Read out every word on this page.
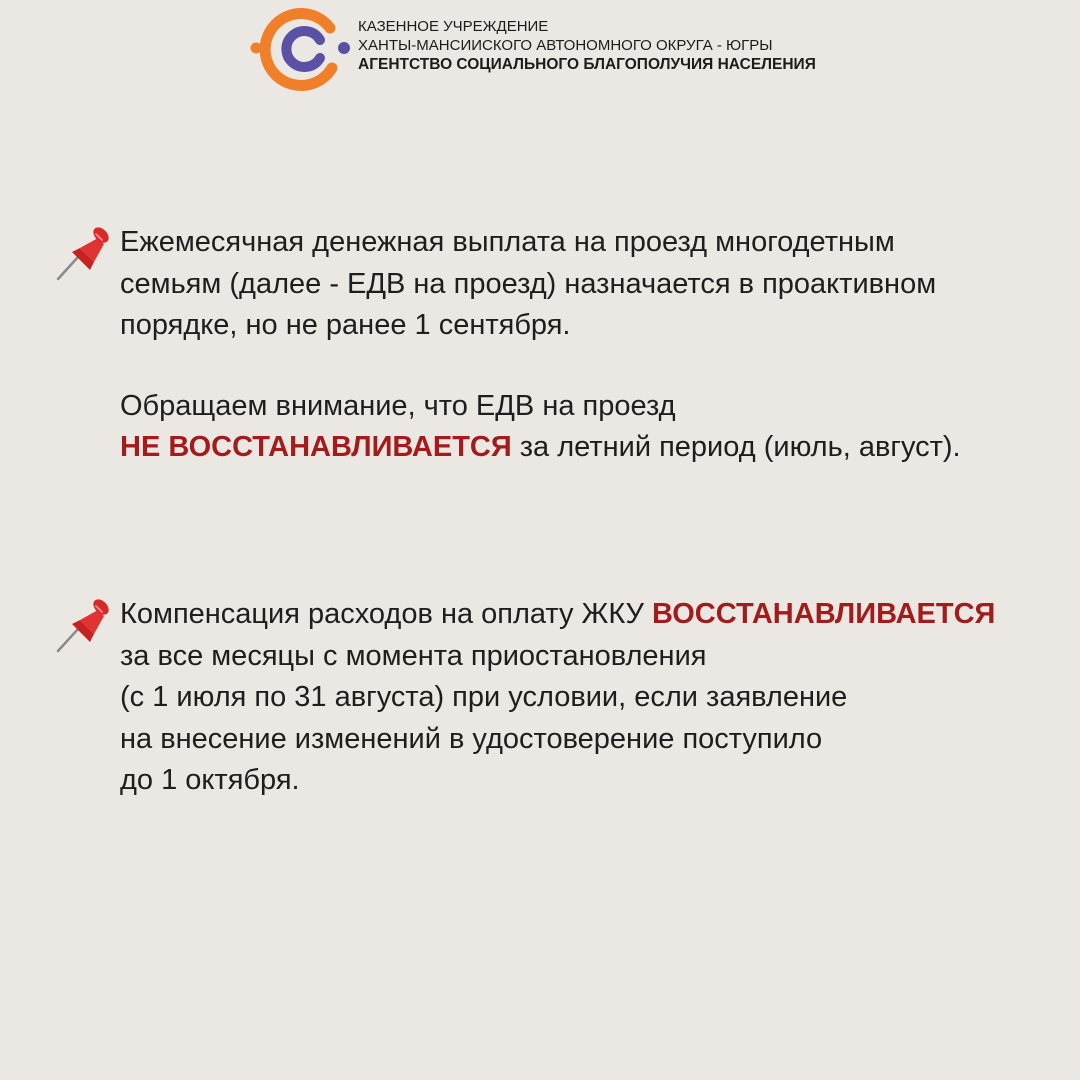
КАЗЕННОЕ УЧРЕЖДЕНИЕ
ХАНТЫ-МАНСИИСКОГО АВТОНОМНОГО ОКРУГА - ЮГРЫ
АГЕНТСТВО СОЦИАЛЬНОГО БЛАГОПОЛУЧИЯ НАСЕЛЕНИЯ
Ежемесячная денежная выплата на проезд многодетным
семьям (далее - ЕДВ на проезд) назначается в проактивном
порядке, но не ранее 1 сентября.
Обращаем внимание, что ЕДВ на проезд
НЕ ВОССТАНАВЛИВАЕТСЯ за летний период (июль, август).
Компенсация расходов на оплату ЖКУ ВОССТАНАВЛИВАЕТСЯ
за все месяцы с момента приостановления
(с 1 июля по 31 августа) при условии, если заявление
на внесение изменений в удостоверение поступило
до 1 октября.
